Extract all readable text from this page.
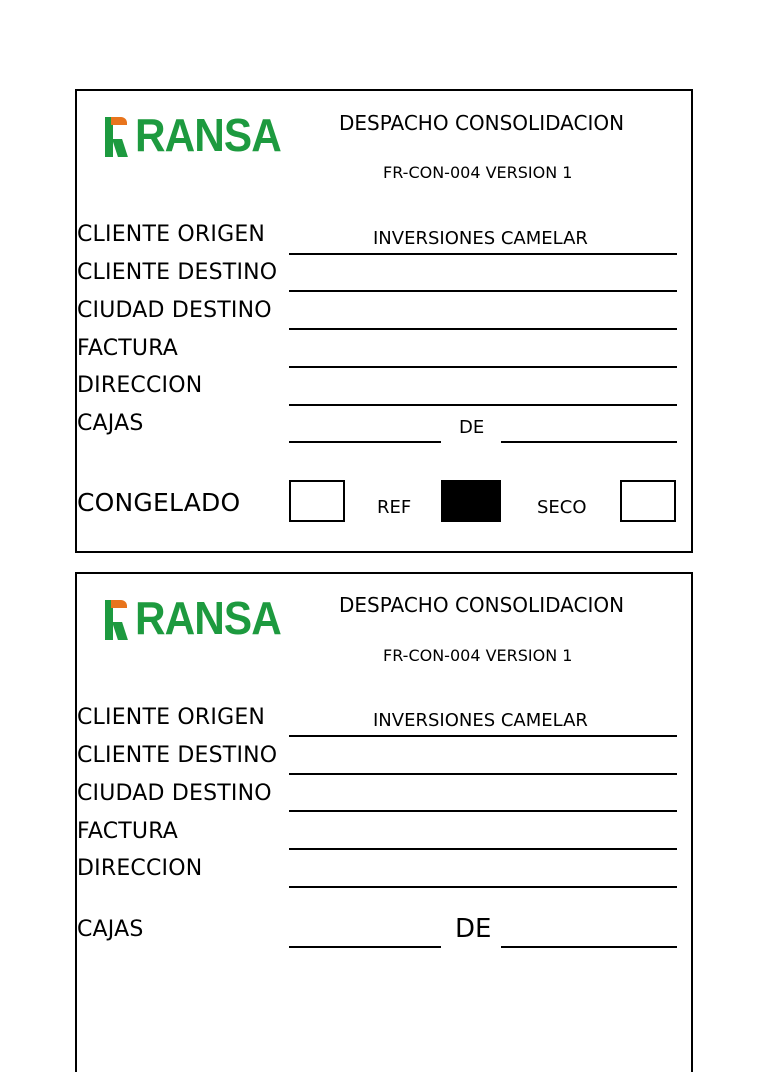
RANSA	DESPACHO CONSOLIDACION
FR-CON-004 VERSION 1
CLIENTE ORIGEN	INVERSIONES CAMELAR
CLIENTE DESTINO
CIUDAD DESTINO
FACTURA
DIRECCION
CAJAS	DE
CONGELADO	REF	SECO
RANSA	DESPACHO CONSOLIDACION
FR-CON-004 VERSION 1
CLIENTE ORIGEN	INVERSIONES CAMELAR
CLIENTE DESTINO
CIUDAD DESTINO
FACTURA
DIRECCION
CAJAS	DE
